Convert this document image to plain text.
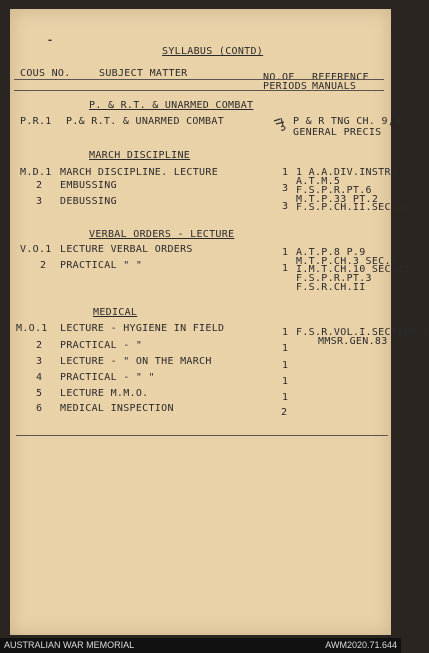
-
SYLLABUS (CONTD)
COUS NO.	SUBJECT MATTER	NO.OF
PERIODS
REFERENCE
MANUALS
P. & R.T. & UNARMED COMBAT
P.R.1 P.& R.T. & UNARMED COMBAT	P & R TNG CH. 9,4
GENERAL PRECIS
MARCH DISCIPLINE
M.D.1 MARCH DISCIPLINE. LECTURE	1 1 A.A.DIV.INSTRN
A.T.M.5
2 EMBUSSING	3 F.S.P.R.PT.6
M.T.P.33 PT.2
3 DEBUSSING	3 F.S.P.CH.II.SEC.37
VERBAL ORDERS - LECTURE
V.O.1 LECTURE VERBAL ORDERS	1 A.T.P.8 P.9
M.T.P.CH.3 SEC.5
2 PRACTICAL " "	1 I.M.T.CH.10 SEC.65
F.S.P.R.PT.3
F.S.R.CH.II
MEDICAL
M.O.1 LECTURE - HYGIENE IN FIELD	1 F.S.R.VOL.I.SECTION.3
MMSR.GEN.83
2 PRACTICAL - "	1
3 LECTURE - " ON THE MARCH	1
4 PRACTICAL - " "	1
5 LECTURE M.M.O.	1
6 MEDICAL INSPECTION	2
AUSTRALIAN WAR MEMORIAL	AWM2020.71.644
